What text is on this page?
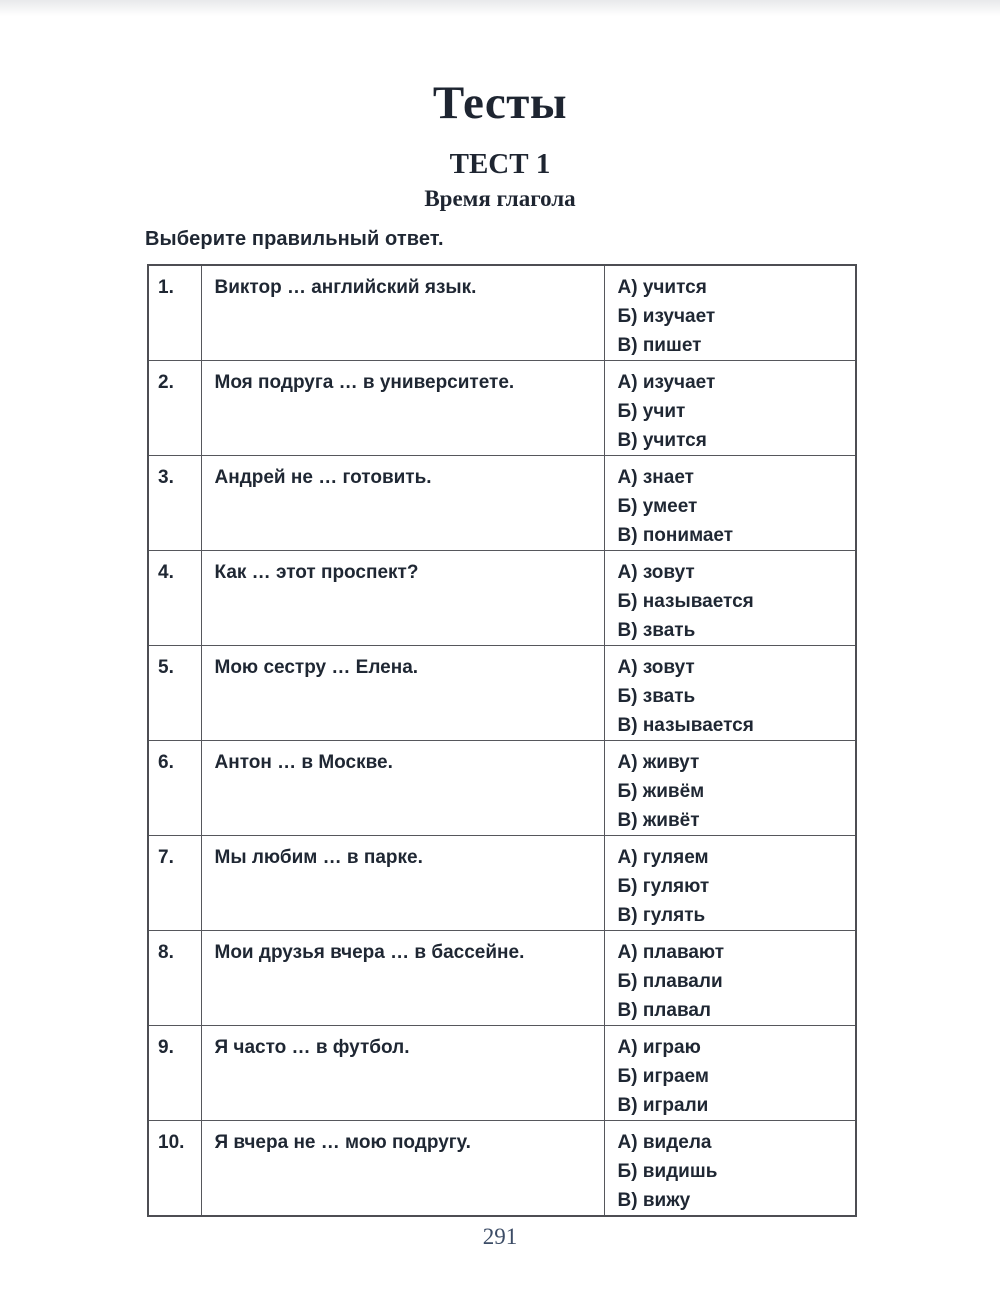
Тесты
ТЕСТ 1
Время глагола
Выберите правильный ответ.
1.	Виктор … английский язык.	А) учится
Б) изучает
В) пишет

2.	Моя подруга … в университете.	А) изучает
Б) учит
В) учится

3.	Андрей не … готовить.	А) знает
Б) умеет
В) понимает

4.	Как … этот проспект?	А) зовут
Б) называется
В) звать

5.	Мою сестру … Елена.	А) зовут
Б) звать
В) называется

6.	Антон … в Москве.	А) живут
Б) живём
В) живёт

7.	Мы любим … в парке.	А) гуляем
Б) гуляют
В) гулять

8.	Мои друзья вчера … в бассейне.	А) плавают
Б) плавали
В) плавал

9.	Я часто … в футбол.	А) играю
Б) играем
В) играли

10.	Я вчера не … мою подругу.	А) видела
Б) видишь
В) вижу
291
